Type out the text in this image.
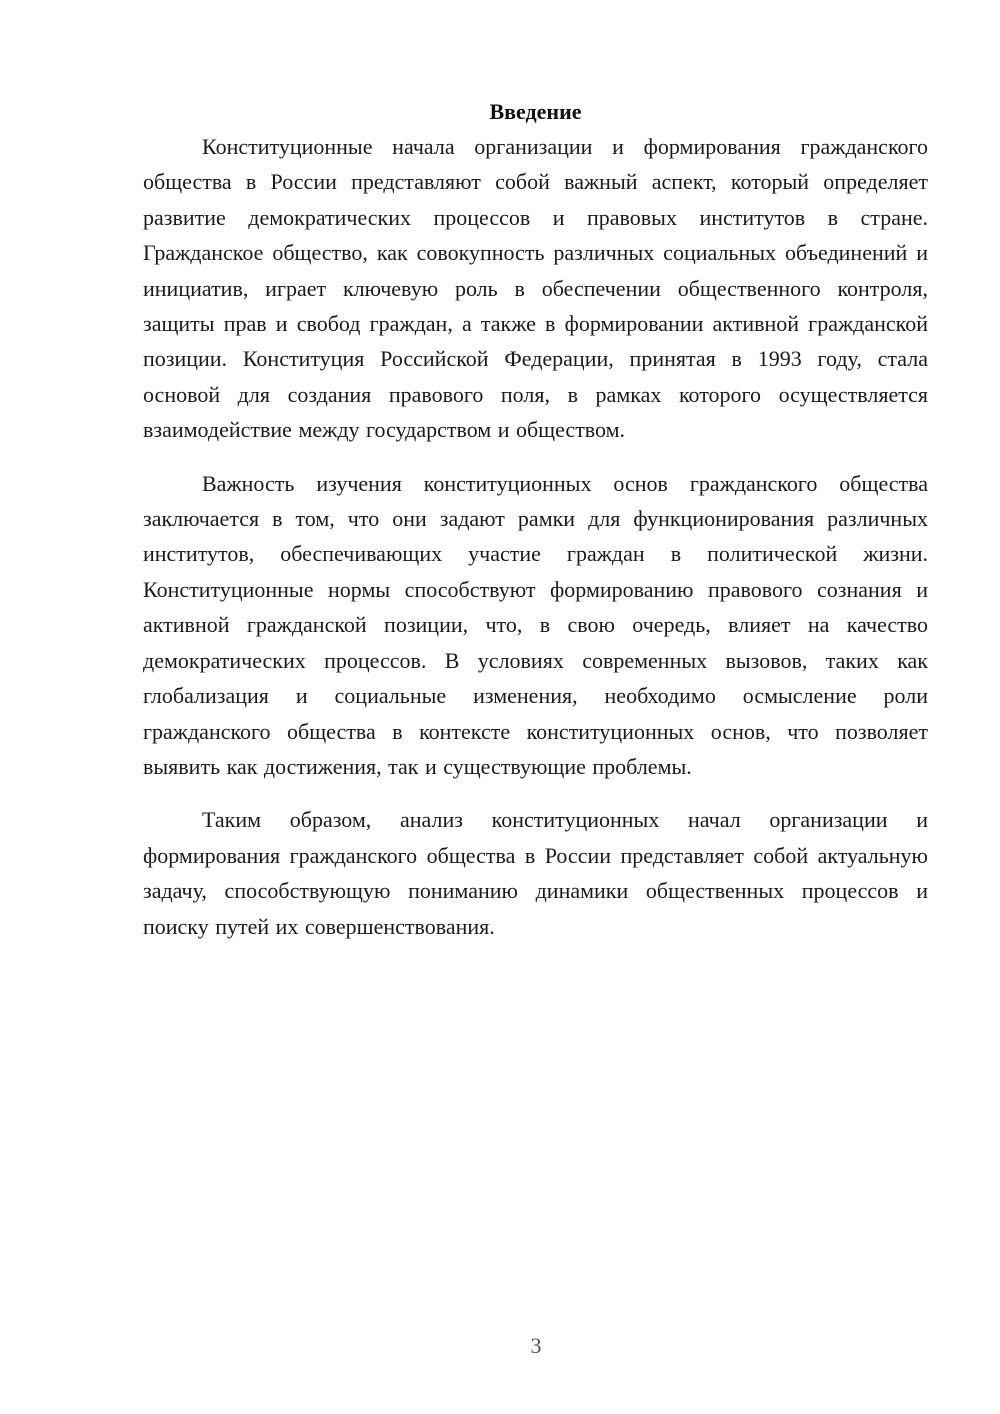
Введение

Конституционные начала организации и формирования гражданского общества в России представляют собой важный аспект, который определяет развитие демократических процессов и правовых институтов в стране. Гражданское общество, как совокупность различных социальных объединений и инициатив, играет ключевую роль в обеспечении общественного контроля, защиты прав и свобод граждан, а также в формировании активной гражданской позиции. Конституция Российской Федерации, принятая в 1993 году, стала основой для создания правового поля, в рамках которого осуществляется взаимодействие между государством и обществом.

Важность изучения конституционных основ гражданского общества заключается в том, что они задают рамки для функционирования различных институтов, обеспечивающих участие граждан в политической жизни. Конституционные нормы способствуют формированию правового сознания и активной гражданской позиции, что, в свою очередь, влияет на качество демократических процессов. В условиях современных вызовов, таких как глобализация и социальные изменения, необходимо осмысление роли гражданского общества в контексте конституционных основ, что позволяет выявить как достижения, так и существующие проблемы.

Таким образом, анализ конституционных начал организации и формирования гражданского общества в России представляет собой актуальную задачу, способствующую пониманию динамики общественных процессов и поиску путей их совершенствования.

3
